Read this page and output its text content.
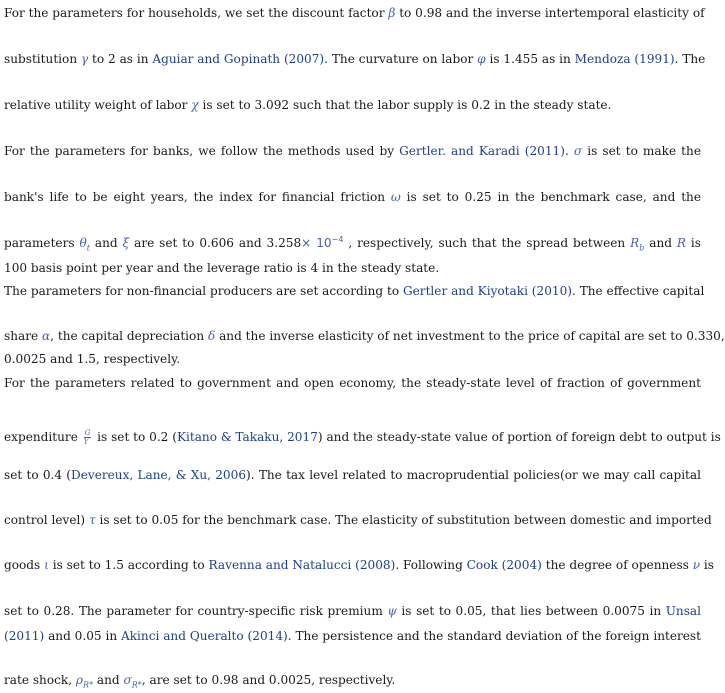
For the parameters for households, we set the discount factor β to 0.98 and the inverse intertemporal elasticity of
substitution γ to 2 as in Aguiar and Gopinath (2007). The curvature on labor φ is 1.455 as in Mendoza (1991). The
relative utility weight of labor χ is set to 3.092 such that the labor supply is 0.2 in the steady state.
For the parameters for banks, we follow the methods used by Gertler. and Karadi (2011). σ is set to make the
bank's life to be eight years, the index for financial friction ω is set to 0.25 in the benchmark case, and the
parameters $\theta_t$ and ξ are set to 0.606 and $3.258\times 10^{-4}$ , respectively, such that the spread between $R_b$ and R is
100 basis point per year and the leverage ratio is 4 in the steady state.
The parameters for non-financial producers are set according to Gertler and Kiyotaki (2010). The effective capital
share α, the capital depreciation δ and the inverse elasticity of net investment to the price of capital are set to 0.330,
0.0025 and 1.5, respectively.
For the parameters related to government and open economy, the steady-state level of fraction of government
expenditure $\frac{G}{Y}$ is set to 0.2 (Kitano & Takaku, 2017) and the steady-state value of portion of foreign debt to output is
set to 0.4 (Devereux, Lane, & Xu, 2006). The tax level related to macroprudential policies(or we may call capital
control level) τ is set to 0.05 for the benchmark case. The elasticity of substitution between domestic and imported
goods ι is set to 1.5 according to Ravenna and Natalucci (2008). Following Cook (2004) the degree of openness ν is
set to 0.28. The parameter for country-specific risk premium ψ is set to 0.05, that lies between 0.0075 in Unsal
(2011) and 0.05 in Akinci and Queralto (2014). The persistence and the standard deviation of the foreign interest
rate shock, $\rho_{R*}$ and $\sigma_{R*}$, are set to 0.98 and 0.0025, respectively.
